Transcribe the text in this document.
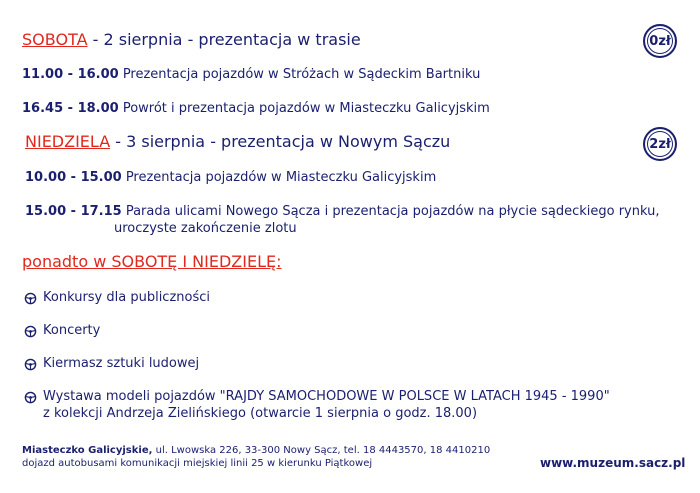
SOBOTA - 2 sierpnia - prezentacja w trasie	0zł
11.00 - 16.00 Prezentacja pojazdów w Stróżach w Sądeckim Bartniku
16.45 - 18.00 Powrót i prezentacja pojazdów w Miasteczku Galicyjskim
NIEDZIELA - 3 sierpnia - prezentacja w Nowym Sączu	2zł
10.00 - 15.00 Prezentacja pojazdów w Miasteczku Galicyjskim
15.00 - 17.15 Parada ulicami Nowego Sącza i prezentacja pojazdów na płycie sądeckiego rynku,
uroczyste zakończenie zlotu
ponadto w SOBOTĘ I NIEDZIELĘ:
Konkursy dla publiczności
Koncerty
Kiermasz sztuki ludowej
Wystawa modeli pojazdów "RAJDY SAMOCHODOWE W POLSCE W LATACH 1945 - 1990"
z kolekcji Andrzeja Zielińskiego (otwarcie 1 sierpnia o godz. 18.00)
Miasteczko Galicyjskie, ul. Lwowska 226, 33-300 Nowy Sącz, tel. 18 4443570, 18 4410210
dojazd autobusami komunikacji miejskiej linii 25 w kierunku Piątkowej	www.muzeum.sacz.pl
